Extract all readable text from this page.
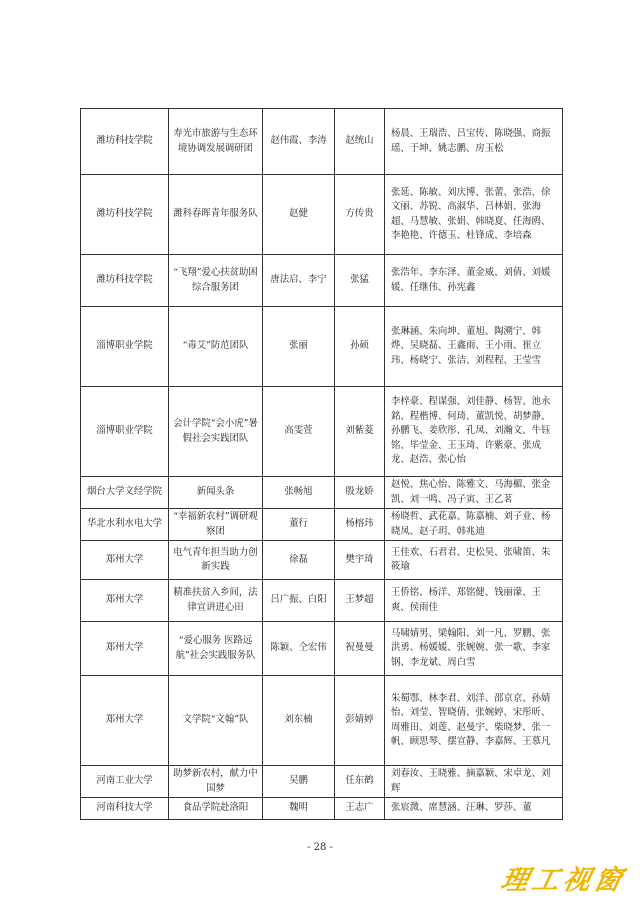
潍坊科技学院	寿光市旅游与生态环境协调发展调研团	赵伟霞、李涛	赵统山	杨晨、王瑞浩、吕宝传、陈晓强、商振瑶、于坤、姚志鹏、房玉松
潍坊科技学院	潍科春晖青年服务队	赵健	方传贵	张延、陈敏、刘庆博、张蕾、张浩、徐文丽、苏锐、高淑华、吕林娟、张海超、马慧敏、张娟、韩晓夏、任海鸥、李艳艳、许德玉、杜锋成、李培森
潍坊科技学院	“飞翔”爱心扶贫助困综合服务团	唐法启、李宁	张猛	张浩年、李东泽、董金威、刘倩、刘媛媛、任继伟、孙宪鑫
淄博职业学院	“毒艾”防范团队	张丽	孙硕	张琳涵、朱向坤、董旭、陶溯宁、韩烨、吴晓磊、王鑫雨、王小雨、崔立玮、杨晓宁、张洁、刘程程、王莹雪
淄博职业学院	会计学院“会小虎”暑假社会实践团队	高雯萱	刘紫菱	李梓豪、程谋强、刘佳静、杨智、池永銘、程楷博、何琦、董凯悦、胡梦静、孙鹏飞、姜欣彤、孔凤、刘瀚文、牛钰铭、毕莹金、王玉琦、许紫豪、张成龙、赵浩、张心怡
烟台大学文经学院	新闻头条	张畅旭	殷龙娇	赵悦、焦心怡、陈雅文、马海楣、张金凯、刘一鸣、冯子寅、王乙茗
华北水利水电大学	“幸福新农村”调研观察团	董行	杨榕玮	杨晓哲、武花嘉、陈嘉楠、刘子业、杨晓凤、赵子玥、韩兆迪
郑州大学	电气青年担当助力创新实践	徐磊	樊宇琦	王佳欢、石君君、史松昊、张啸笛、朱筱瑜
郑州大学	精准扶贫入乡间，法律宣讲进心田	吕广振、白阳	王梦超	王侨铭、杨洋、郑铭健、钱丽濛、王爽、侯雨佳
郑州大学	“爱心服务 医路远航”社会实践服务队	陈颖、仝宏伟	祝曼曼	马啸婧男、梁翰阳、刘一凡、罗鹏、张洪勇、杨媛媛、张婉婉、张一歌、李家钢、李龙斌、周白雪
郑州大学	文学院“文翰”队	刘东楠	彭婧婷	朱蜀鄂、林李君、刘洋、邵京京、孙婧怡、刘莹、智晓倩、张婉婷、宋彤昕、周雅田、刘莲、赵曼宇、柴晓梦、张一帆、顾思琴、摆宣静、李嘉辉、王慕凡
河南工业大学	助梦新农村，献力中国梦	吴鹏	任东鹤	刘春汝、王晓雅、摘嘉颖、宋卓龙、刘辉
河南科技大学	食品学院赴洛阳	魏明	王志广	张宸溦、席慧涵、汪琳、罗莎、董
- 28 -
理工视窗
